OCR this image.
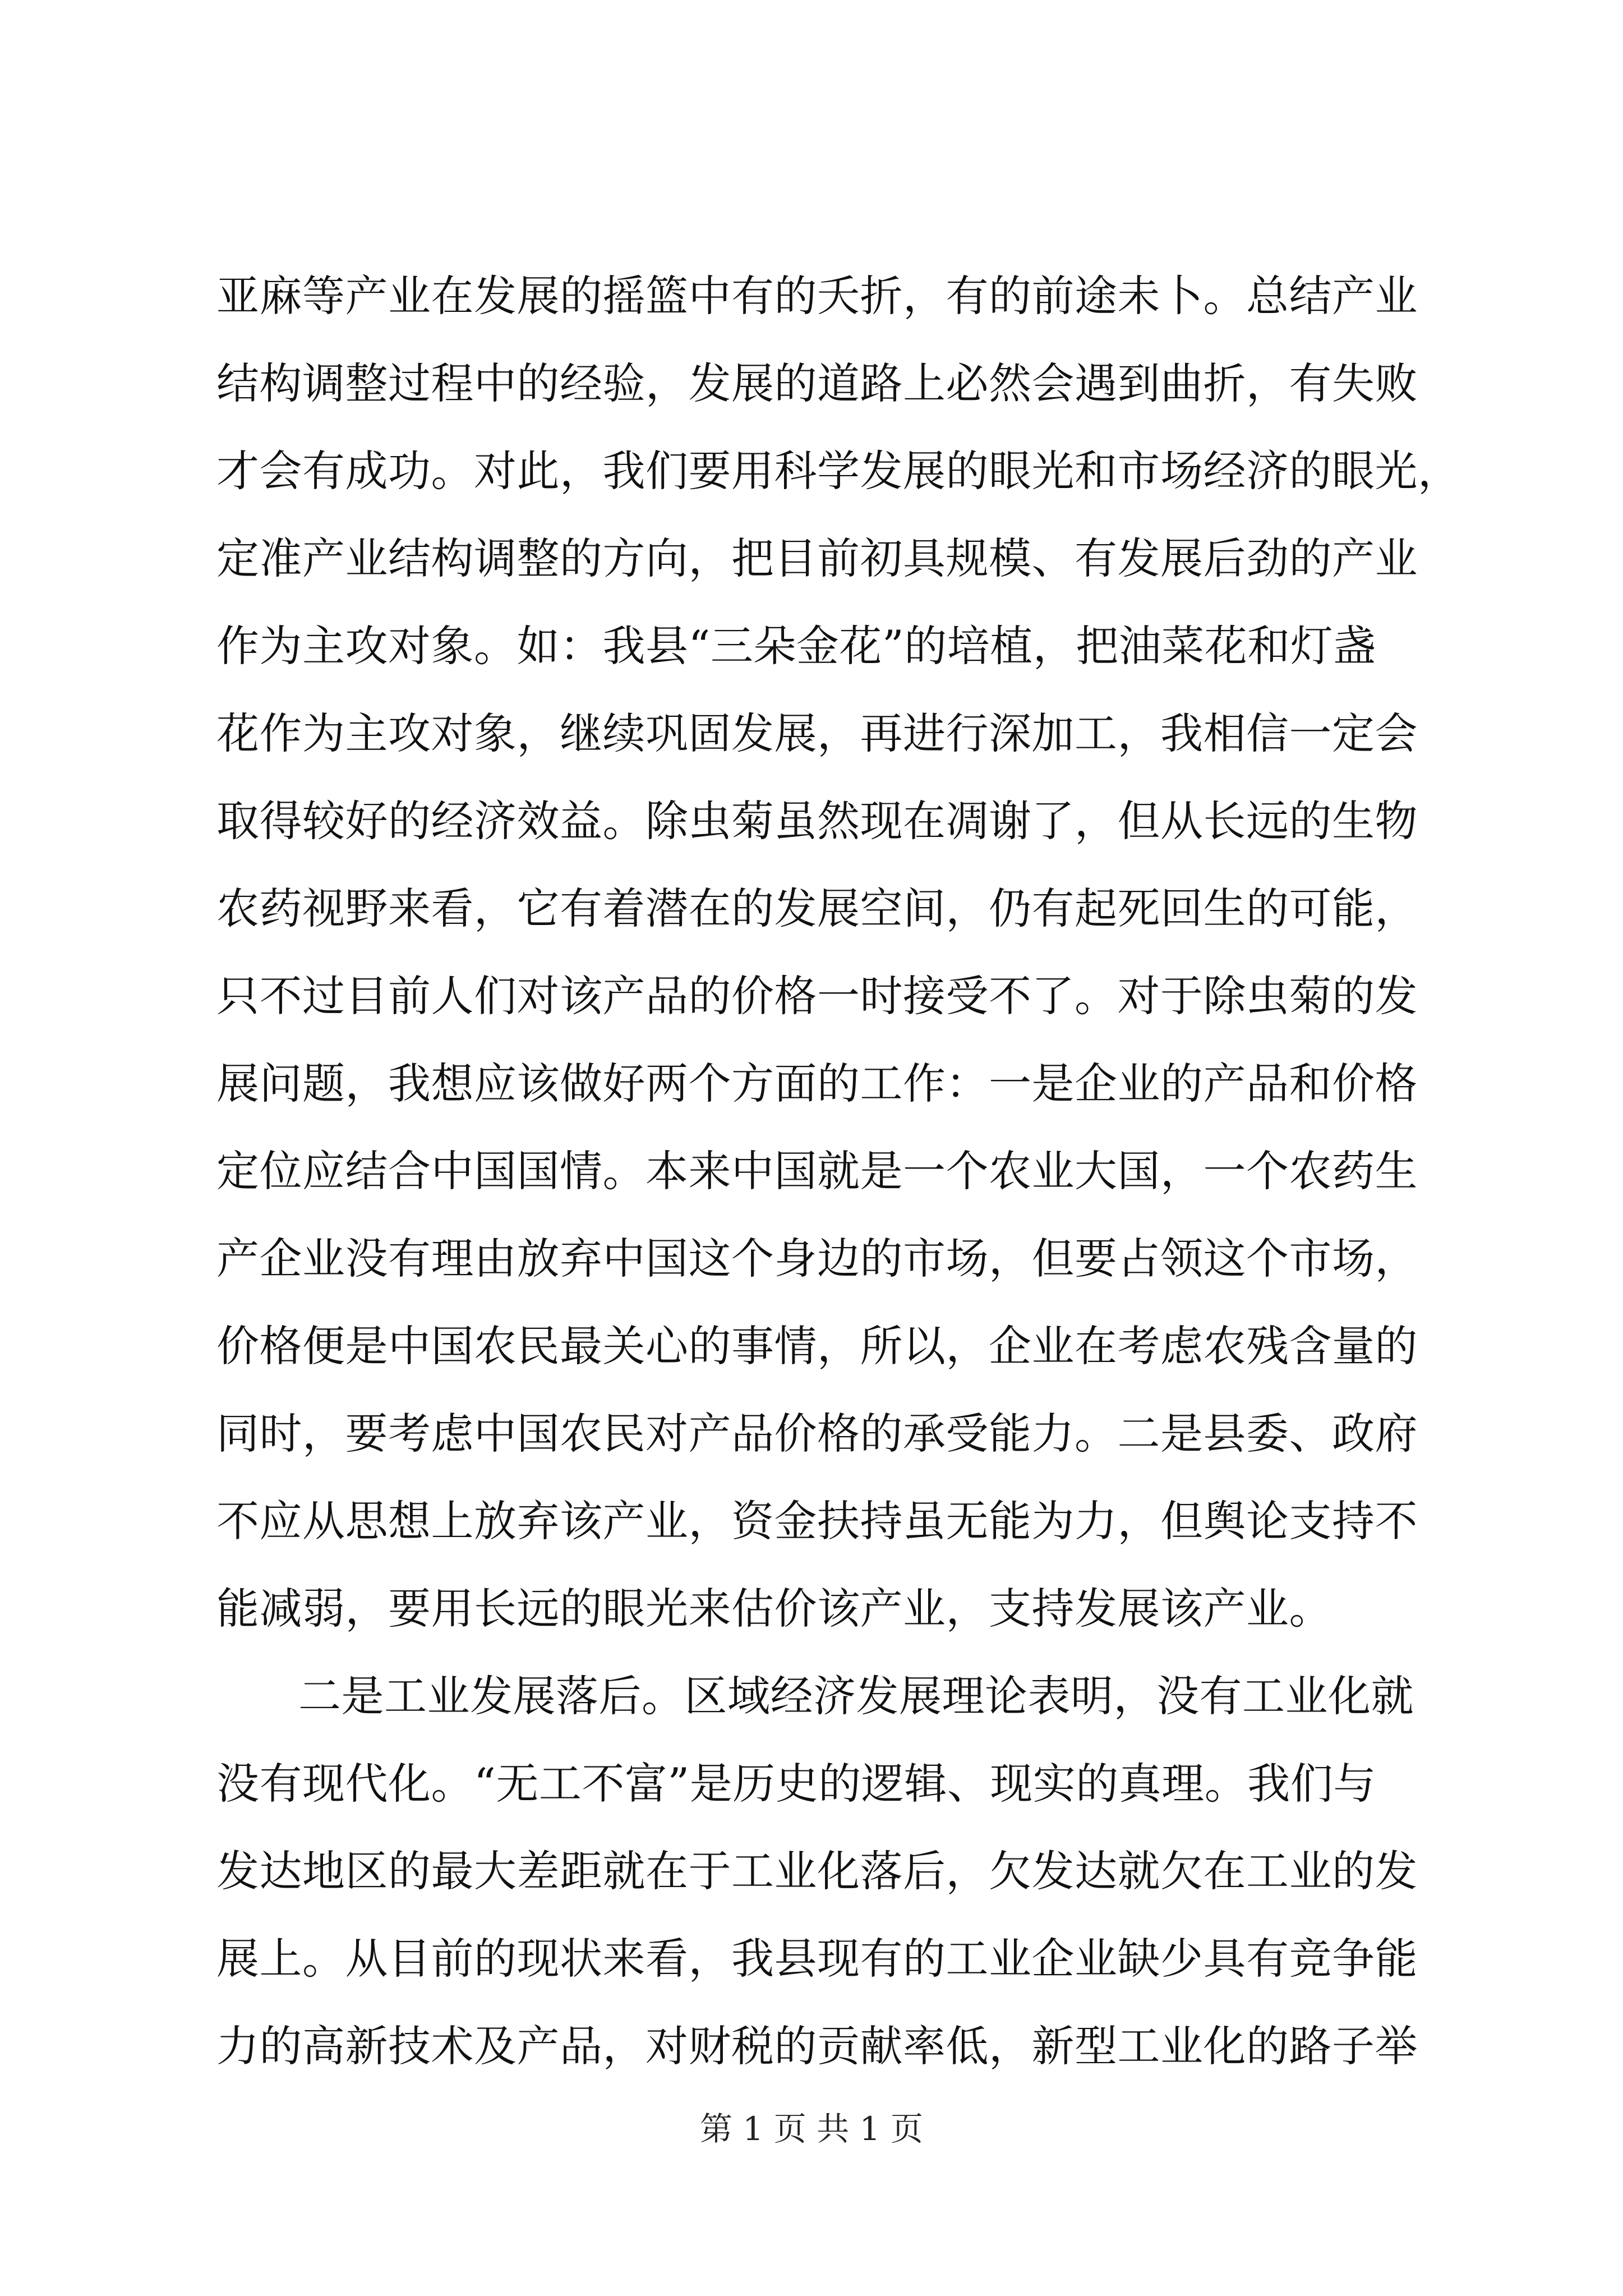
亚麻等产业在发展的摇篮中有的夭折，有的前途未卜。总结产业
结构调整过程中的经验，发展的道路上必然会遇到曲折，有失败
才会有成功。对此，我们要用科学发展的眼光和市场经济的眼光，
定准产业结构调整的方向，把目前初具规模、有发展后劲的产业
作为主攻对象。如：我县“三朵金花”的培植，把油菜花和灯盏
花作为主攻对象，继续巩固发展，再进行深加工，我相信一定会
取得较好的经济效益。除虫菊虽然现在凋谢了，但从长远的生物
农药视野来看，它有着潜在的发展空间，仍有起死回生的可能，
只不过目前人们对该产品的价格一时接受不了。对于除虫菊的发
展问题，我想应该做好两个方面的工作：一是企业的产品和价格
定位应结合中国国情。本来中国就是一个农业大国，一个农药生
产企业没有理由放弃中国这个身边的市场，但要占领这个市场，
价格便是中国农民最关心的事情，所以，企业在考虑农残含量的
同时，要考虑中国农民对产品价格的承受能力。二是县委、政府
不应从思想上放弃该产业，资金扶持虽无能为力，但舆论支持不
能减弱，要用长远的眼光来估价该产业，支持发展该产业。
二是工业发展落后。区域经济发展理论表明，没有工业化就
没有现代化。“无工不富”是历史的逻辑、现实的真理。我们与
发达地区的最大差距就在于工业化落后，欠发达就欠在工业的发
展上。从目前的现状来看，我县现有的工业企业缺少具有竞争能
力的高新技术及产品，对财税的贡献率低，新型工业化的路子举
第 1 页 共 1 页
